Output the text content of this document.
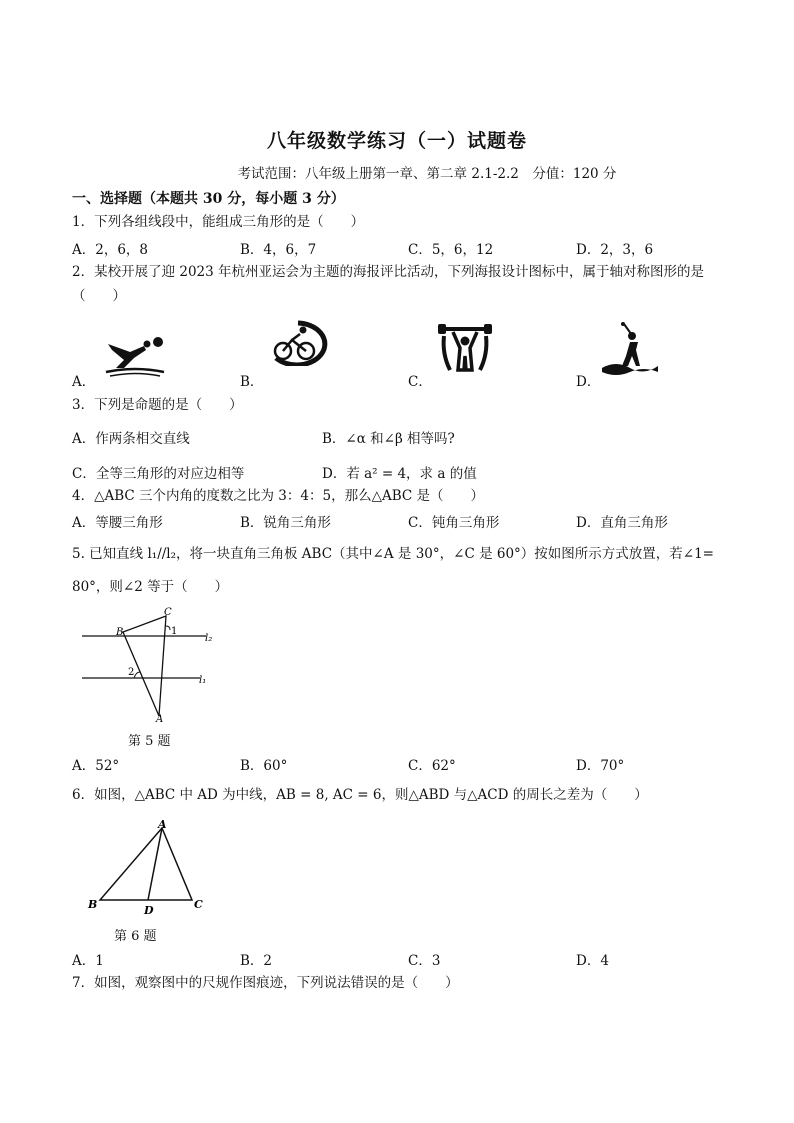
八年级数学练习（一）试题卷
考试范围：八年级上册第一章、第二章 2.1-2.2　分值：120 分
一、选择题（本题共 30 分，每小题 3 分）
1．下列各组线段中，能组成三角形的是（　　）
A．2，6，8	B．4，6，7	C．5，6，12	D．2，3，6
2．某校开展了迎 2023 年杭州亚运会为主题的海报评比活动，下列海报设计图标中，属于轴对称图形的是
（　　）
A．	B．	C．	D．
3．下列是命题的是（　　）
A．作两条相交直线	B．∠α 和∠β 相等吗?
C．全等三角形的对应边相等	D．若 a² = 4，求 a 的值
4．△ABC 三个内角的度数之比为 3：4：5，那么△ABC 是（　　）
A．等腰三角形	B．锐角三角形	C．钝角三角形	D．直角三角形
5. 已知直线 l₁//l₂，将一块直角三角板 ABC（其中∠A 是 30°，∠C 是 60°）按如图所示方式放置，若∠1=
80°，则∠2 等于（　　）
B
C
A
1
2
l₂
l₁
第 5 题
A．52°	B．60°	C．62°	D．70°
6．如图，△ABC 中 AD 为中线，AB = 8, AC = 6，则△ABD 与△ACD 的周长之差为（　　）
A
B	C
D
第 6 题
A．1	B．2	C．3	D．4
7．如图，观察图中的尺规作图痕迹，下列说法错误的是（　　）
